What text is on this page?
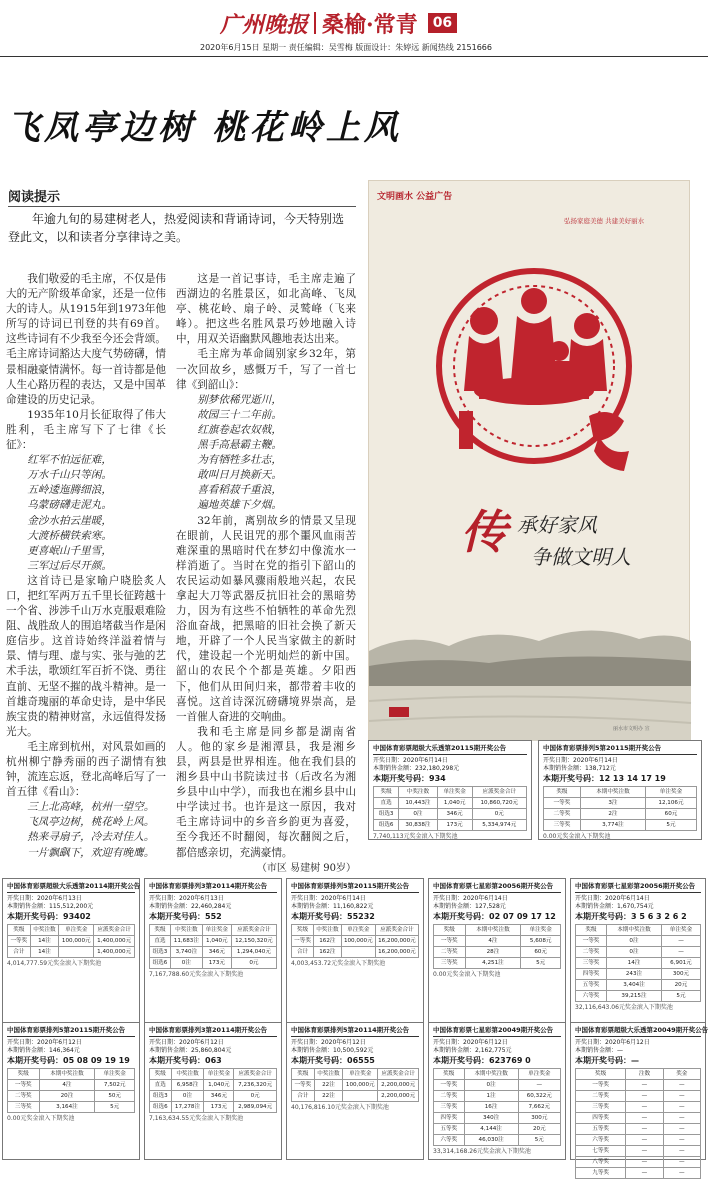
广州晚报 桑榆·常青	06
2020年6月15日 星期一 责任编辑：吴雪梅 版面设计：朱婷远 新闻热线 2151666
飞凤亭边树 桃花岭上风
阅读提示
年逾九旬的易建树老人，热爱阅读和背诵诗词，今天特别选登此文，以和读者分享律诗之美。

我们敬爱的毛主席，不仅是伟大的无产阶级革命家，还是一位伟大的诗人。从1915年到1973年他所写的诗词已刊登的共有69首。这些诗词有不少我至今还会背颂。毛主席诗词豁达大度气势磅礴，情景相融豪情满怀。每一首诗都是他人生心路历程的表达，又是中国革命建设的历史记录。

1935年10月长征取得了伟大胜利，毛主席写下了七律《长征》：

红军不怕远征难，
万水千山只等闲。
五岭逶迤腾细浪，
乌蒙磅礴走泥丸。
金沙水拍云崖暖，
大渡桥横铁索寒。
更喜岷山千里雪，
三军过后尽开颜。

这首诗已是家喻户晓脍炙人口，把红军两万五千里长征跨越十一个省、涉渉千山万水克服艰难险阻、战胜敌人的围追堵截当作是闲庭信步。这首诗始终洋溢着情与景、情与理、虚与实、张与弛的艺术手法，歌颂红军百折不饶、勇往直前、无坚不摧的战斗精神。是一首雄奇瑰丽的革命史诗，是中华民族宝贵的精神财富，永远值得发扬光大。

毛主席到杭州，对风景如画的杭州柳宁静秀丽的西子湖情有独钟，流连忘返，登北高峰后写了一首五律《看山》：

三上北高峰，杭州一望空。
飞凤亭边树，桃花岭上风。
热来寻扇子，冷去对佳人。
一片飘飖下，欢迎有晚鹰。

这是一首记事诗，毛主席走遍了西湖边的名胜景区，如北高峰、飞凤亭、桃花岭、扇子岭、灵鹫峰（飞来峰）。把这些名胜风景巧妙地融入诗中，用双关语幽默风趣地表达出来。

毛主席为革命阔别家乡32年，第一次回故乡，感慨万千，写了一首七律《到韶山》：

别梦依稀咒逝川，
故园三十二年前。
红旗卷起农奴戟，
黑手高悬霸主鞭。
为有牺牲多壮志，
敢叫日月换新天。
喜看稻菽千重浪，
遍地英雄下夕烟。

32年前，离别故乡的情景又呈现在眼前，人民诅咒的那个噩风血雨苦难深重的黑暗时代在梦幻中像流水一样消逝了。当时在党的指引下韶山的农民运动如暴风骤雨般地兴起，农民拿起大刀等武器反抗旧社会的黑暗势力，因为有这些不怕牺牲的革命先烈浴血奋战，把黑暗的旧社会换了新天地，开辟了一个人民当家做主的新时代，建设起一个光明灿烂的新中国。韶山的农民个个都是英雄。夕阳西下，他们从田间归来，都带着丰收的喜悦。这首诗深沉磅礴境界崇高，是一首催人奋进的交响曲。

我和毛主席是同乡都是湖南省人。他的家乡是湘潭县，我是湘乡县，两县是世界相连。他在我们县的湘乡县中山书院读过书（后改名为湘乡县中山中学），而我也在湘乡县中山中学读过书。也许是这一原因，我对毛主席诗词中的乡音乡韵更为喜爱，至今我还不时翻阅，每次翻阅之后，都倍感亲切，充满豪情。

（市区 易建树 90岁）
文明画水 公益广告
弘扬家庭美德 共建美好丽水
传 承好家风
争做文明人
丽水市文明办 宣
中国体育彩票超级大乐透第20115期开奖公告
开奖日期：2020年6月14日
本期销售金额：232,180,298元
本期开奖号码：934
奖级	中奖注数	单注奖金	应派奖金合计
直选	10,443注	1,040元	10,860,720元
组选3	0注	346元	0元
组选6	30,838注	173元	5,334,974元
7,740,113元奖金滚入下期奖池
中国体育彩票排列5第20115期开奖公告
开奖日期：2020年6月14日
本期销售金额：138,712元
本期开奖号码：12 13 14 17 19
奖级	本期中奖注数	单注奖金
一等奖	3注	12,106元
二等奖	2注	60元
三等奖	3,774注	5元
0.00元奖金滚入下期奖池
中国体育彩票超级大乐透第20114期开奖公告
开奖日期：2020年6月13日
本期销售金额：115,512,200元
本期开奖号码：93402
奖级	中奖注数	单注奖金	应派奖金合计
一等奖	14注	100,000元	1,400,000元
合计	14注		1,400,000元
4,014,777.59元奖金滚入下期奖池
中国体育彩票排列3第20114期开奖公告
开奖日期：2020年6月13日
本期销售金额：22,460,284元
本期开奖号码：552
奖级	中奖注数	单注奖金	应派奖金合计
直选	11,683注	1,040元	12,150,320元
组选3	3,740注	346元	1,294,040元
组选6	0注	173元	0元
7,167,788.60元奖金滚入下期奖池
中国体育彩票排列5第20115期开奖公告
开奖日期：2020年6月14日
本期销售金额：11,160,822元
本期开奖号码：55232
奖级	中奖注数	单注奖金	应派奖金合计
一等奖	162注	100,000元	16,200,000元
合计	162注		16,200,000元
4,003,453.72元奖金滚入下期奖池
中国体育彩票七星彩第20056期开奖公告
开奖日期：2020年6月14日
本期销售金额：127,528元
本期开奖号码：02 07 09 17 12
奖级	本期中奖注数	单注奖金
一等奖	4注	5,608元
二等奖	28注	60元
三等奖	4,251注	5元
0.00元奖金滚入下期奖池
中国体育彩票七星彩第20056期开奖公告
开奖日期：2020年6月14日
本期销售金额：1,670,754元
本期开奖号码：3 5 6 3 2 6 2
奖级	本期中奖注数	单注奖金
一等奖	0注	—
二等奖	0注	—
三等奖	14注	6,901元
四等奖	243注	300元
五等奖	3,404注	20元
六等奖	39,215注	5元
32,116,643.06元奖金滚入下期奖池
中国体育彩票排列5第20115期开奖公告
开奖日期：2020年6月12日
本期销售金额：146,364元
本期开奖号码：05 08 09 19 19
奖级	本期中奖注数	单注奖金
一等奖	4注	7,502元
二等奖	20注	50元
三等奖	3,164注	5元
0.00元奖金滚入下期奖池
中国体育彩票排列3第20114期开奖公告
开奖日期：2020年6月12日
本期销售金额：25,860,804元
本期开奖号码：063
奖级	中奖注数	单注奖金	应派奖金合计
直选	6,958注	1,040元	7,236,320元
组选3	0注	346元	0元
组选6	17,278注	173元	2,989,094元
7,163,634.55元奖金滚入下期奖池
中国体育彩票排列5第20114期开奖公告
开奖日期：2020年6月12日
本期销售金额：10,500,592元
本期开奖号码：06555
奖级	中奖注数	单注奖金	应派奖金合计
一等奖	22注	100,000元	2,200,000元
合计	22注		2,200,000元
40,176,816.10元奖金滚入下期奖池
中国体育彩票七星彩第20049期开奖公告
开奖日期：2020年6月12日
本期销售金额：2,162,775元
本期开奖号码：623769 0
奖级	本期中奖注数	单注奖金
一等奖	0注	—
二等奖	1注	60,322元
三等奖	16注	7,662元
四等奖	340注	300元
五等奖	4,144注	20元
六等奖	46,030注	5元
33,314,168.26元奖金滚入下期奖池
中国体育彩票超级大乐透第20049期开奖公告
开奖日期：2020年6月12日
本期销售金额：—
本期开奖号码：—
奖级	注数	奖金
一等奖	—	—
二等奖	—	—
三等奖	—	—
四等奖	—	—
五等奖	—	—
六等奖	—	—
七等奖	—	—
八等奖	—	—
九等奖	—	—
